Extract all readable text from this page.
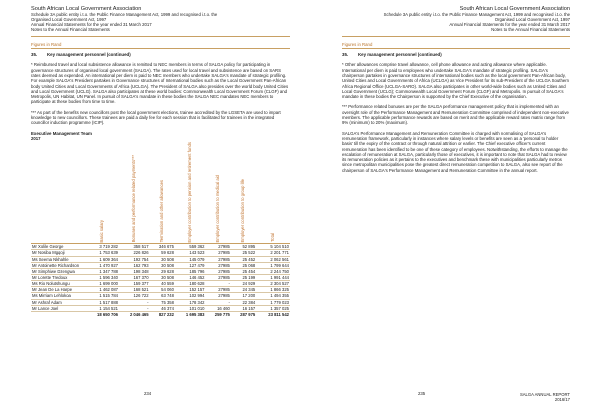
South African Local Government Association
Schedule 3A public entity i.t.o. the Public Finance Management Act, 1999 and recognised i.t.o. the
Organised Local Government Act, 1997
Annual Financial Statements for the year ended 31 March 2017
Notes to the Annual Financial Statements
Figures in Rand
35.	Key management personnel (continued)

* Reimbursed travel and local subsistence allowance is remitted to NEC members in terms of SALGA policy for participating in governance structures of organised local government (SALGA). The rates used for local travel and subsistence are based on SARS rates deemed as expended. An international per diem is paid to NEC members who undertake SALGA's mandate of strategic profiling. For example SALGA's President partakes in Governance structures of International bodies such as the Local Government Pan-African body United Cities and Local Governments of Africa (UCLGA). The President of SALGA also presides over the world body United Cities and Local Government (UCLG). SALGA also participates at these world bodies: Commonwealth Local Government Forum (CLGF) and Metropolis, UN Habitat, UN Panel. In pursuit of SALGA's mandate in these bodies the SALGA NEC mandates NEC members to participate at these bodies from time to time.

*** As part of the benefits new councillors post the local government elections, trainee accredited by the LGSETA are used to impart knowledge to new councillors. These trainees are paid a daily fee for each session that is facilitated for trainees in the integrated councillor induction programme (ICIP).

Executive Management Team
2017
	Basic salary	Bonuses and performance related payments***	Termination and other allowances	Employer contribution to pension and retirement funds	Employer contribution to medical aid	Employer contribution to group life	Total
Mr Xolile George	3 719 282	358 517	346 675	559 362	27985	52 895	5 104 510
Mr Nosiba Mgqoji	1 753 639	226 826	59 628	143 523	27985	25 522	2 201 771
Ms Seema Nkhahle	1 609 364	192 754	30 508	145 079	27985	25 452	2 062 561
Mr Antoinette Richardson	1 470 927	162 793	30 508	127 479	27985	25 068	1 799 644
Mr Simphiwe Dzengwa	1 347 788	198 348	29 628	185 796	27985	25 454	2 244 750
Mr Lorette Tredoux	1 596 340	167 370	30 508	146 452	27985	25 199	1 991 444
Ms Rio Nolutshungu	1 699 000	159 377	40 559	180 628	-	24 929	2 304 527
Mr Jean De La Harpe	1 462 087	168 521	54 060	152 157	27985	24 345	1 866 325
Ms Mirriam Lehlokoa	1 515 784	126 722	63 748	102 994	27985	17 200	1 494 355
Mr Ashraf Adam	1 517 888	-	75 358	178 342	-	22 384	1 779 023
Mr Lance Joel	1 154 521	-	46 374	101 010	16 460	16 157	1 357 025
	18 650 706	2 046 465	827 232	1 695 383	259 775	287 975	23 811 542
234
South African Local Government Association
Schedule 3A public entity i.t.o. the Public Finance Management Act, 1999 and recognised i.t.o. the
Organised Local Government Act, 1997
Annual Financial Statements for the year ended 31 March 2017
Notes to the Annual Financial Statements
Figures in Rand
35.	Key management personnel (continued)

* Other allowances comprise travel allowance, cell phone allowance and acting allowance where applicable. International per diem is paid to employees who undertake SALGA's mandate of strategic profiling. SALGA's chairperson partakes in governance structures of international bodies such as the local government Pan-African body, United Cities and Local Governments of Africa (UCLGA) as Vice President for its sub-President of the UCLGA Southern Africa Regional Office (UCLGA-SARO). SALGA also participates in other world-wide bodies such as United Cities and Local Government (UCLG); Commonwealth Local Government Forum (CLGF) and Metropolis. In pursuit of SALGA's mandate in these bodies the Chairperson is supported by the Chief Executive of the organisation.

*** Performance related bonuses are per the SALGA performance management policy that is implemented with an oversight role of the Performance Management and Remuneration Committee comprised of independent non-executive members. The applicable performance rewards are based on merit and the applicable reward rates matrix range from 9% (minimum) to 20% (maximum).

SALGA's Performance Management and Remuneration Committee is charged with normalising of SALGA's remuneration framework, particularly in instances where salary levels or benefits are seen as a 'personal to holder basis' till the expiry of the contract or through natural attrition or earlier. The Chief executive officer's current remuneration has been identified to be one of these category of employees. Notwithstanding, the efforts to manage the escalation of remuneration at SALGA, particularly those of executives, it is important to note that SALGA had to review its remuneration policies as it pertains to the executives and benchmark these with municipalities particularly metros since metropolitan municipalities pose the greatest direct remuneration competition to SALGA, also see report of the chairperson of SALGA's Performance Management and Remuneration Committee in the annual report.

235	SALGA ANNUAL REPORT
2016/17
